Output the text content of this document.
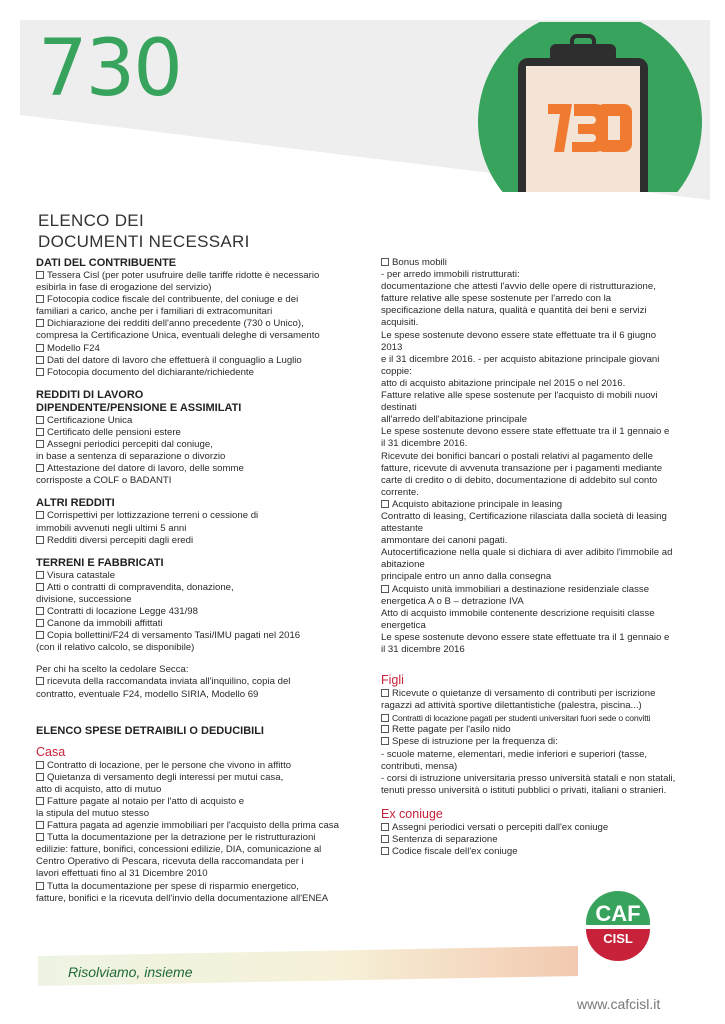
730
ELENCO DEI
DOCUMENTI NECESSARI
DATI DEL CONTRIBUENTE
Tessera Cisl (per poter usufruire delle tariffe ridotte è necessario
esibirla in fase di erogazione del servizio)
Fotocopia codice fiscale del contribuente, del coniuge e dei
familiari a carico, anche per i familiari di extracomunitari
Dichiarazione dei redditi dell'anno precedente (730 o Unico),
compresa la Certificazione Unica, eventuali deleghe di versamento
Modello F24
Dati del datore di lavoro che effettuerà il conguaglio a Luglio
Fotocopia documento del dichiarante/richiedente
REDDITI DI LAVORO
DIPENDENTE/PENSIONE E ASSIMILATI
Certificazione Unica
Certificato delle pensioni estere
Assegni periodici percepiti dal coniuge,
in base a sentenza di separazione o divorzio
Attestazione del datore di lavoro, delle somme
corrisposte a COLF o BADANTI
ALTRI REDDITI
Corrispettivi per lottizzazione terreni o cessione di
immobili avvenuti negli ultimi 5 anni
Redditi diversi percepiti dagli eredi
TERRENI E FABBRICATI
Visura catastale
Atti o contratti di compravendita, donazione,
divisione, successione
Contratti di locazione Legge 431/98
Canone da immobili affittati
Copia bollettini/F24 di versamento Tasi/IMU pagati nel 2016
(con il relativo calcolo, se disponibile)
Per chi ha scelto la cedolare Secca:
ricevuta della raccomandata inviata all'inquilino, copia del
contratto, eventuale F24, modello SIRIA, Modello 69
ELENCO SPESE DETRAIBILI O DEDUCIBILI
Casa
Contratto di locazione, per le persone che vivono in affitto
Quietanza di versamento degli interessi per mutui casa,
atto di acquisto, atto di mutuo
Fatture pagate al notaio per l'atto di acquisto e
la stipula del mutuo stesso
Fattura pagata ad agenzie immobiliari per l'acquisto della prima casa
Tutta la documentazione per la detrazione per le ristrutturazioni
edilizie: fatture, bonifici, concessioni edilizie, DIA, comunicazione al
Centro Operativo di Pescara, ricevuta della raccomandata per i
lavori effettuati fino al 31 Dicembre 2010
Tutta la documentazione per spese di risparmio energetico,
fatture, bonifici e la ricevuta dell'invio della documentazione all'ENEA
Bonus mobili
- per arredo immobili ristrutturati:
documentazione che attesti l'avvio delle opere di ristrutturazione,
fatture relative alle spese sostenute per l'arredo con la
specificazione della natura, qualità e quantità dei beni e servizi
acquisiti.
Le spese sostenute devono essere state effettuate tra il 6 giugno
2013
e il 31 dicembre 2016. - per acquisto abitazione principale giovani
coppie:
atto di acquisto abitazione principale nel 2015 o nel 2016.
Fatture relative alle spese sostenute per l'acquisto di mobili nuovi
destinati
all'arredo dell'abitazione principale
Le spese sostenute devono essere state effettuate tra il 1 gennaio e
il 31 dicembre 2016.
Ricevute dei bonifici bancari o postali relativi al pagamento delle
fatture, ricevute di avvenuta transazione per i pagamenti mediante
carte di credito o di debito, documentazione di addebito sul conto
corrente.
Acquisto abitazione principale in leasing
Contratto di leasing, Certificazione rilasciata dalla società di leasing
attestante
ammontare dei canoni pagati.
Autocertificazione nella quale si dichiara di aver adibito l'immobile ad
abitazione
principale entro un anno dalla consegna
Acquisto unità immobiliari a destinazione residenziale classe
energetica A o B – detrazione IVA
Atto di acquisto immobile contenente descrizione requisiti classe
energetica
Le spese sostenute devono essere state effettuate tra il 1 gennaio e
il 31 dicembre 2016
Figli
Ricevute o quietanze di versamento di contributi per iscrizione
ragazzi ad attività sportive dilettantistiche (palestra, piscina...)
Contratti di locazione pagati per studenti universitari fuori sede o convitti
Rette pagate per l'asilo nido
Spese di istruzione per la frequenza di:
- scuole materne, elementari, medie inferiori e superiori (tasse,
contributi, mensa)
- corsi di istruzione universitaria presso università statali e non statali,
tenuti presso università o istituti pubblici o privati, italiani o stranieri.
Ex coniuge
Assegni periodici versati o percepiti dall'ex coniuge
Sentenza di separazione
Codice fiscale dell'ex coniuge
Risolviamo, insieme
CAF
CISL
www.cafcisl.it
